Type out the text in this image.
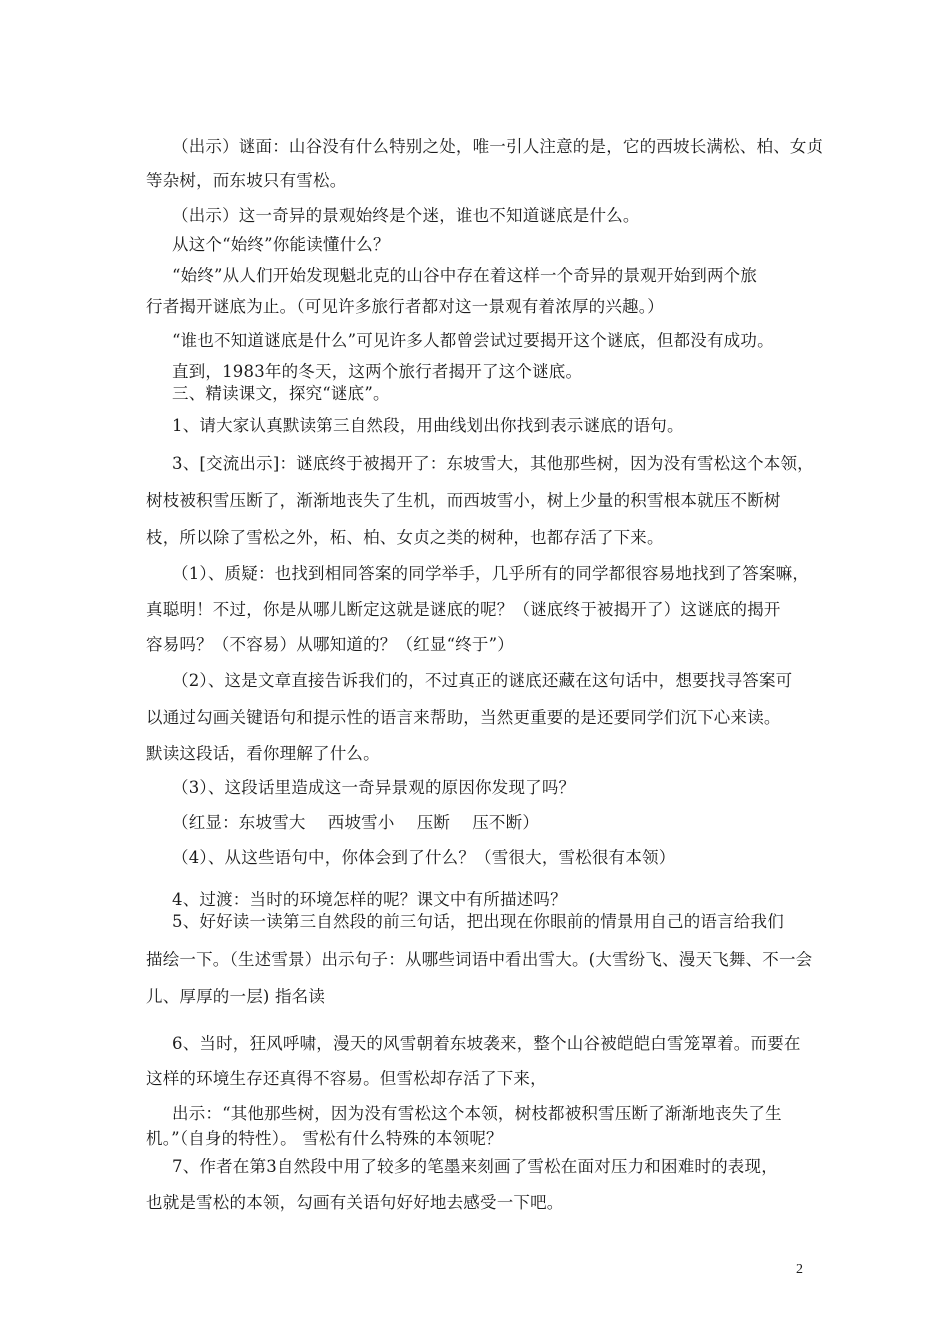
（出示）谜面：山谷没有什么特别之处，唯一引人注意的是，它的西坡长满松、柏、女贞
等杂树，而东坡只有雪松。
（出示）这一奇异的景观始终是个迷，谁也不知道谜底是什么。
从这个“始终”你能读懂什么？
“始终”从人们开始发现魁北克的山谷中存在着这样一个奇异的景观开始到两个旅
行者揭开谜底为止。（可见许多旅行者都对这一景观有着浓厚的兴趣。）
“谁也不知道谜底是什么”可见许多人都曾尝试过要揭开这个谜底，但都没有成功。
直到，1983年的冬天，这两个旅行者揭开了这个谜底。
三、精读课文，探究“谜底”。
1、请大家认真默读第三自然段，用曲线划出你找到表示谜底的语句。
3、[交流出示]：谜底终于被揭开了：东坡雪大，其他那些树，因为没有雪松这个本领，
树枝被积雪压断了，渐渐地丧失了生机，而西坡雪小，树上少量的积雪根本就压不断树
枝，所以除了雪松之外，柘、柏、女贞之类的树种，也都存活了下来。
（1）、质疑：也找到相同答案的同学举手，几乎所有的同学都很容易地找到了答案嘛，
真聪明！不过，你是从哪儿断定这就是谜底的呢？（谜底终于被揭开了）这谜底的揭开
容易吗？（不容易）从哪知道的？（红显“终于”）
（2）、这是文章直接告诉我们的，不过真正的谜底还藏在这句话中，想要找寻答案可
以通过勾画关键语句和提示性的语言来帮助，当然更重要的是还要同学们沉下心来读。
默读这段话，看你理解了什么。
（3）、这段话里造成这一奇异景观的原因你发现了吗？
（红显：东坡雪大　 西坡雪小　 压断　 压不断）
（4）、从这些语句中，你体会到了什么？（雪很大，雪松很有本领）
4、过渡：当时的环境怎样的呢？课文中有所描述吗？
5、好好读一读第三自然段的前三句话，把出现在你眼前的情景用自己的语言给我们
描绘一下。（生述雪景）出示句子：从哪些词语中看出雪大。(大雪纷飞、漫天飞舞、不一会
儿、厚厚的一层) 指名读
6、当时，狂风呼啸，漫天的风雪朝着东坡袭来，整个山谷被皑皑白雪笼罩着。而要在
这样的环境生存还真得不容易。但雪松却存活了下来，
出示：“其他那些树，因为没有雪松这个本领，树枝都被积雪压断了渐渐地丧失了生
机。”（自身的特性）。 雪松有什么特殊的本领呢？
7、作者在第3自然段中用了较多的笔墨来刻画了雪松在面对压力和困难时的表现，
也就是雪松的本领，勾画有关语句好好地去感受一下吧。
2
